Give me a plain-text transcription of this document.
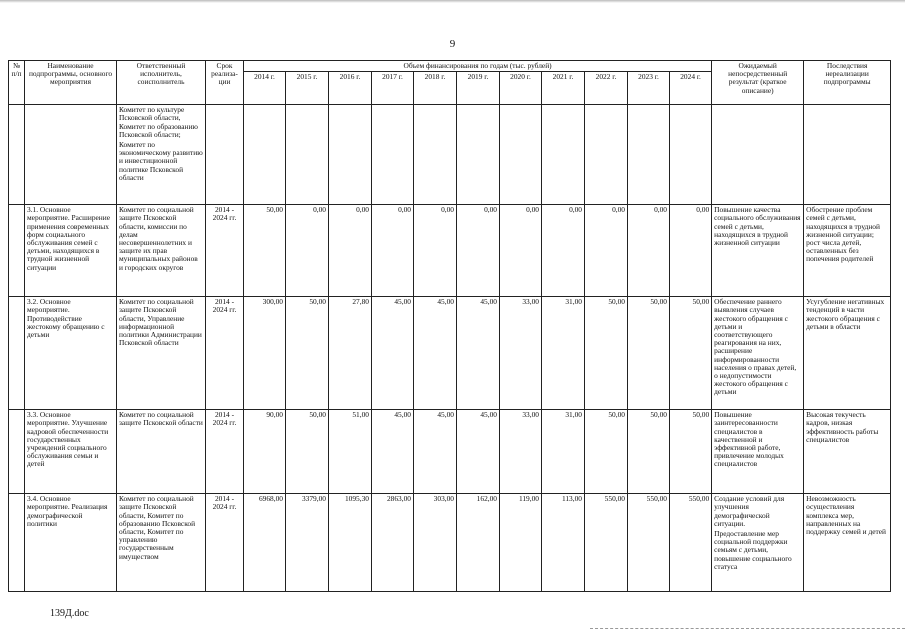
9
№ п/п	Наименование подпрограммы, основного мероприятия	Ответственный исполнитель, соисполнитель	Срок реализа-ции	Объем финансирования по годам (тыс. рублей)											Ожидаемый непосредственный результат (краткое описание)	Последствия нереализации подпрограммы
				2014 г.	2015 г.	2016 г.	2017 г.	2018 г.	2019 г.	2020 г.	2021 г.	2022 г.	2023 г.	2024 г.		
		Комитет по культуре Псковской области, Комитет по образованию Псковской области;
Комитет по экономическому развитию и инвестиционной политике Псковской области														

	3.1. Основное мероприятие. Расширение применения современных форм социального обслуживания семей с детьми, находящихся в трудной жизненной ситуации	Комитет по социальной защите Псковской области, комиссии по делам несовершеннолетних и защите их прав муниципальных районов и городских округов	2014 - 2024 гг.	50,00	0,00	0,00	0,00	0,00	0,00	0,00	0,00	0,00	0,00	0,00	Повышение качества социального обслуживания семей с детьми, находящихся в трудной жизненной ситуации	Обострение проблем семей с детьми, находящихся в трудной жизненной ситуации; рост числа детей, оставленных без попечения родителей
	3.2. Основное мероприятие. Противодействие жестокому обращению с детьми	Комитет по социальной защите Псковской области, Управление информационной политики Администрации Псковской области	2014 - 2024 гг.	300,00	50,00	27,80	45,00	45,00	45,00	33,00	31,00	50,00	50,00	50,00	Обеспечение раннего выявления случаев жестокого обращения с детьми и соответствующего реагирования на них, расширение информированности населения о правах детей, о недопустимости жестокого обращения с детьми	Усугубление негативных тенденций в части жестокого обращения с детьми в области
	3.3. Основное мероприятие. Улучшение кадровой обеспеченности государственных учреждений социального обслуживания семьи и детей	Комитет по социальной защите Псковской области	2014 - 2024 гг.	90,00	50,00	51,00	45,00	45,00	45,00	33,00	31,00	50,00	50,00	50,00	Повышение заинтересованности специалистов в качественной и эффективной работе, привлечение молодых специалистов	Высокая текучесть кадров, низкая эффективность работы специалистов
	3.4. Основное мероприятие. Реализация демографической политики	Комитет по социальной защите Псковской области, Комитет по образованию Псковской области, Комитет по управлению государственным имуществом	2014 - 2024 гг.	6968,00	3379,00	1095,30	2863,00	303,00	162,00	119,00	113,00	550,00	550,00	550,00	Создание условий для улучшения демографической ситуации.
Предоставление мер социальной поддержки семьям с детьми, повышение социального статуса	Невозможность осуществления комплекса мер, направленных на поддержку семей и детей
139Д.doc
